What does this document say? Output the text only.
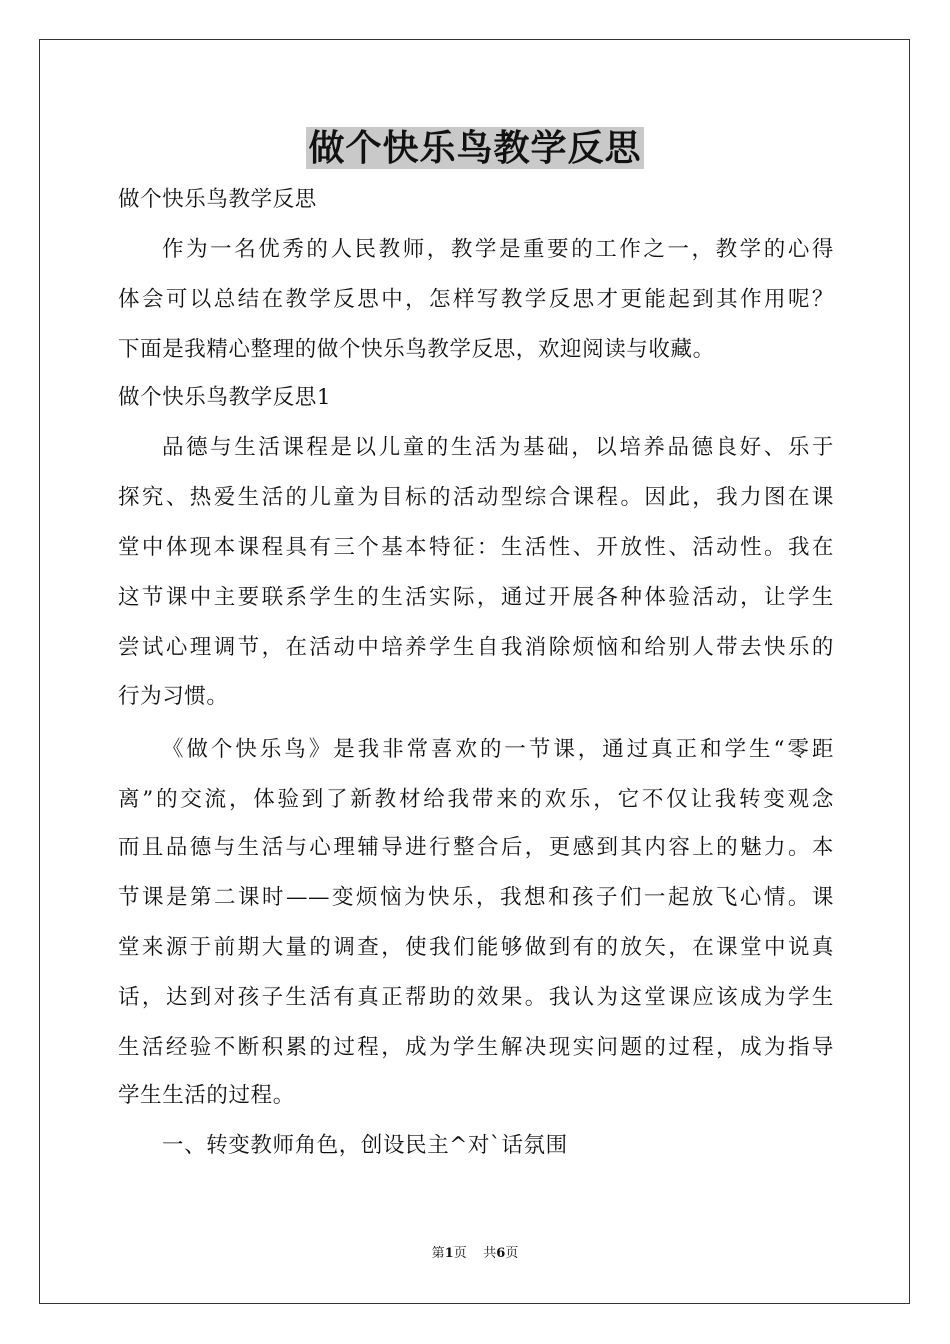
做个快乐鸟教学反思
做个快乐鸟教学反思
作为一名优秀的人民教师，教学是重要的工作之一，教学的心得
体会可以总结在教学反思中，怎样写教学反思才更能起到其作用呢？
下面是我精心整理的做个快乐鸟教学反思，欢迎阅读与收藏。
做个快乐鸟教学反思1
品德与生活课程是以儿童的生活为基础，以培养品德良好、乐于
探究、热爱生活的儿童为目标的活动型综合课程。因此，我力图在课
堂中体现本课程具有三个基本特征：生活性、开放性、活动性。我在
这节课中主要联系学生的生活实际，通过开展各种体验活动，让学生
尝试心理调节，在活动中培养学生自我消除烦恼和给别人带去快乐的
行为习惯。
《做个快乐鸟》是我非常喜欢的一节课，通过真正和学生“零距
离”的交流，体验到了新教材给我带来的欢乐，它不仅让我转变观念
而且品德与生活与心理辅导进行整合后，更感到其内容上的魅力。本
节课是第二课时——变烦恼为快乐，我想和孩子们一起放飞心情。课
堂来源于前期大量的调查，使我们能够做到有的放矢，在课堂中说真
话，达到对孩子生活有真正帮助的效果。我认为这堂课应该成为学生
生活经验不断积累的过程，成为学生解决现实问题的过程，成为指导
学生生活的过程。
一、转变教师角色，创设民主^对`话氛围
第1页 共6页
